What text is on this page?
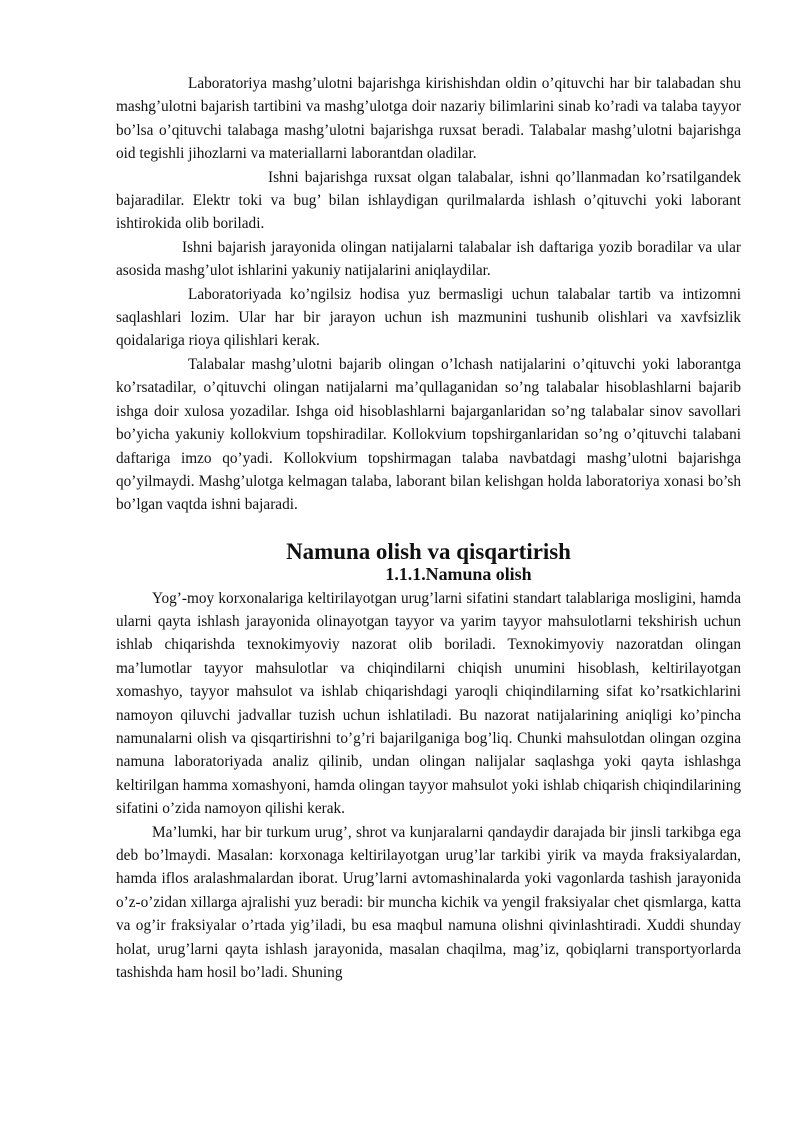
Laboratoriya mashg’ulotni bajarishga kirishishdan oldin o’qituvchi har bir talabadan shu mashg’ulotni bajarish tartibini va mashg’ulotga doir nazariy bilimlarini sinab ko’radi va talaba tayyor bo’lsa o’qituvchi talabaga mashg’ulotni bajarishga ruxsat beradi. Talabalar mashg’ulotni bajarishga oid tegishli jihozlarni va materiallarni laborantdan oladilar.

Ishni bajarishga ruxsat olgan talabalar, ishni qo’llanmadan ko’rsatilgandek bajaradilar. Elektr toki va bug’ bilan ishlaydigan qurilmalarda ishlash o’qituvchi yoki laborant ishtirokida olib boriladi.

Ishni bajarish jarayonida olingan natijalarni talabalar ish daftariga yozib boradilar va ular asosida mashg’ulot ishlarini yakuniy natijalarini aniqlaydilar.

Laboratoriyada ko’ngilsiz hodisa yuz bermasligi uchun talabalar tartib va intizomni saqlashlari lozim. Ular har bir jarayon uchun ish mazmunini tushunib olishlari va xavfsizlik qoidalariga rioya qilishlari kerak.

Talabalar mashg’ulotni bajarib olingan o’lchash natijalarini o’qituvchi yoki laborantga ko’rsatadilar, o’qituvchi olingan natijalarni ma’qullaganidan so’ng talabalar hisoblashlarni bajarib ishga doir xulosa yozadilar. Ishga oid hisoblashlarni bajarganlaridan so’ng talabalar sinov savollari bo’yicha yakuniy kollokvium topshiradilar. Kollokvium topshirganlaridan so’ng o’qituvchi talabani daftariga imzo qo’yadi. Kollokvium topshirmagan talaba navbatdagi mashg’ulotni bajarishga qo’yilmaydi. Mashg’ulotga kelmagan talaba, laborant bilan kelishgan holda laboratoriya xonasi bo’sh bo’lgan vaqtda ishni bajaradi.

Namuna olish va qisqartirish
1.1.1.Namuna olish

Yog’-moy korxonalariga keltirilayotgan urug’larni sifatini standart talablariga mosligini, hamda ularni qayta ishlash jarayonida olinayotgan tayyor va yarim tayyor mahsulotlarni tekshirish uchun ishlab chiqarishda texnokimyoviy nazorat olib boriladi. Texnokimyoviy nazoratdan olingan ma’lumotlar tayyor mahsulotlar va chiqindilarni chiqish unumini hisoblash, keltirilayotgan xomashyo, tayyor mahsulot va ishlab chiqarishdagi yaroqli chiqindilarning sifat ko’rsatkichlarini namoyon qiluvchi jadvallar tuzish uchun ishlatiladi. Bu nazorat natijalarining aniqligi ko’pincha namunalarni olish va qisqartirishni to’g’ri bajarilganiga bog’liq. Chunki mahsulotdan olingan ozgina namuna laboratoriyada analiz qilinib, undan olingan nalijalar saqlashga yoki qayta ishlashga keltirilgan hamma xomashyoni, hamda olingan tayyor mahsulot yoki ishlab chiqarish chiqindilarining sifatini o’zida namoyon qilishi kerak.

Ma’lumki, har bir turkum urug’, shrot va kunjaralarni qandaydir darajada bir jinsli tarkibga ega deb bo’lmaydi. Masalan: korxonaga keltirilayotgan urug’lar tarkibi yirik va mayda fraksiyalardan, hamda iflos aralashmalardan iborat. Urug’larni avtomashinalarda yoki vagonlarda tashish jarayonida o’z-o’zidan xillarga ajralishi yuz beradi: bir muncha kichik va yengil fraksiyalar chet qismlarga, katta va og’ir fraksiyalar o’rtada yig’iladi, bu esa maqbul namuna olishni qivinlashtiradi. Xuddi shunday holat, urug’larni qayta ishlash jarayonida, masalan chaqilma, mag’iz, qobiqlarni transportyorlarda tashishda ham hosil bo’ladi. Shuning
